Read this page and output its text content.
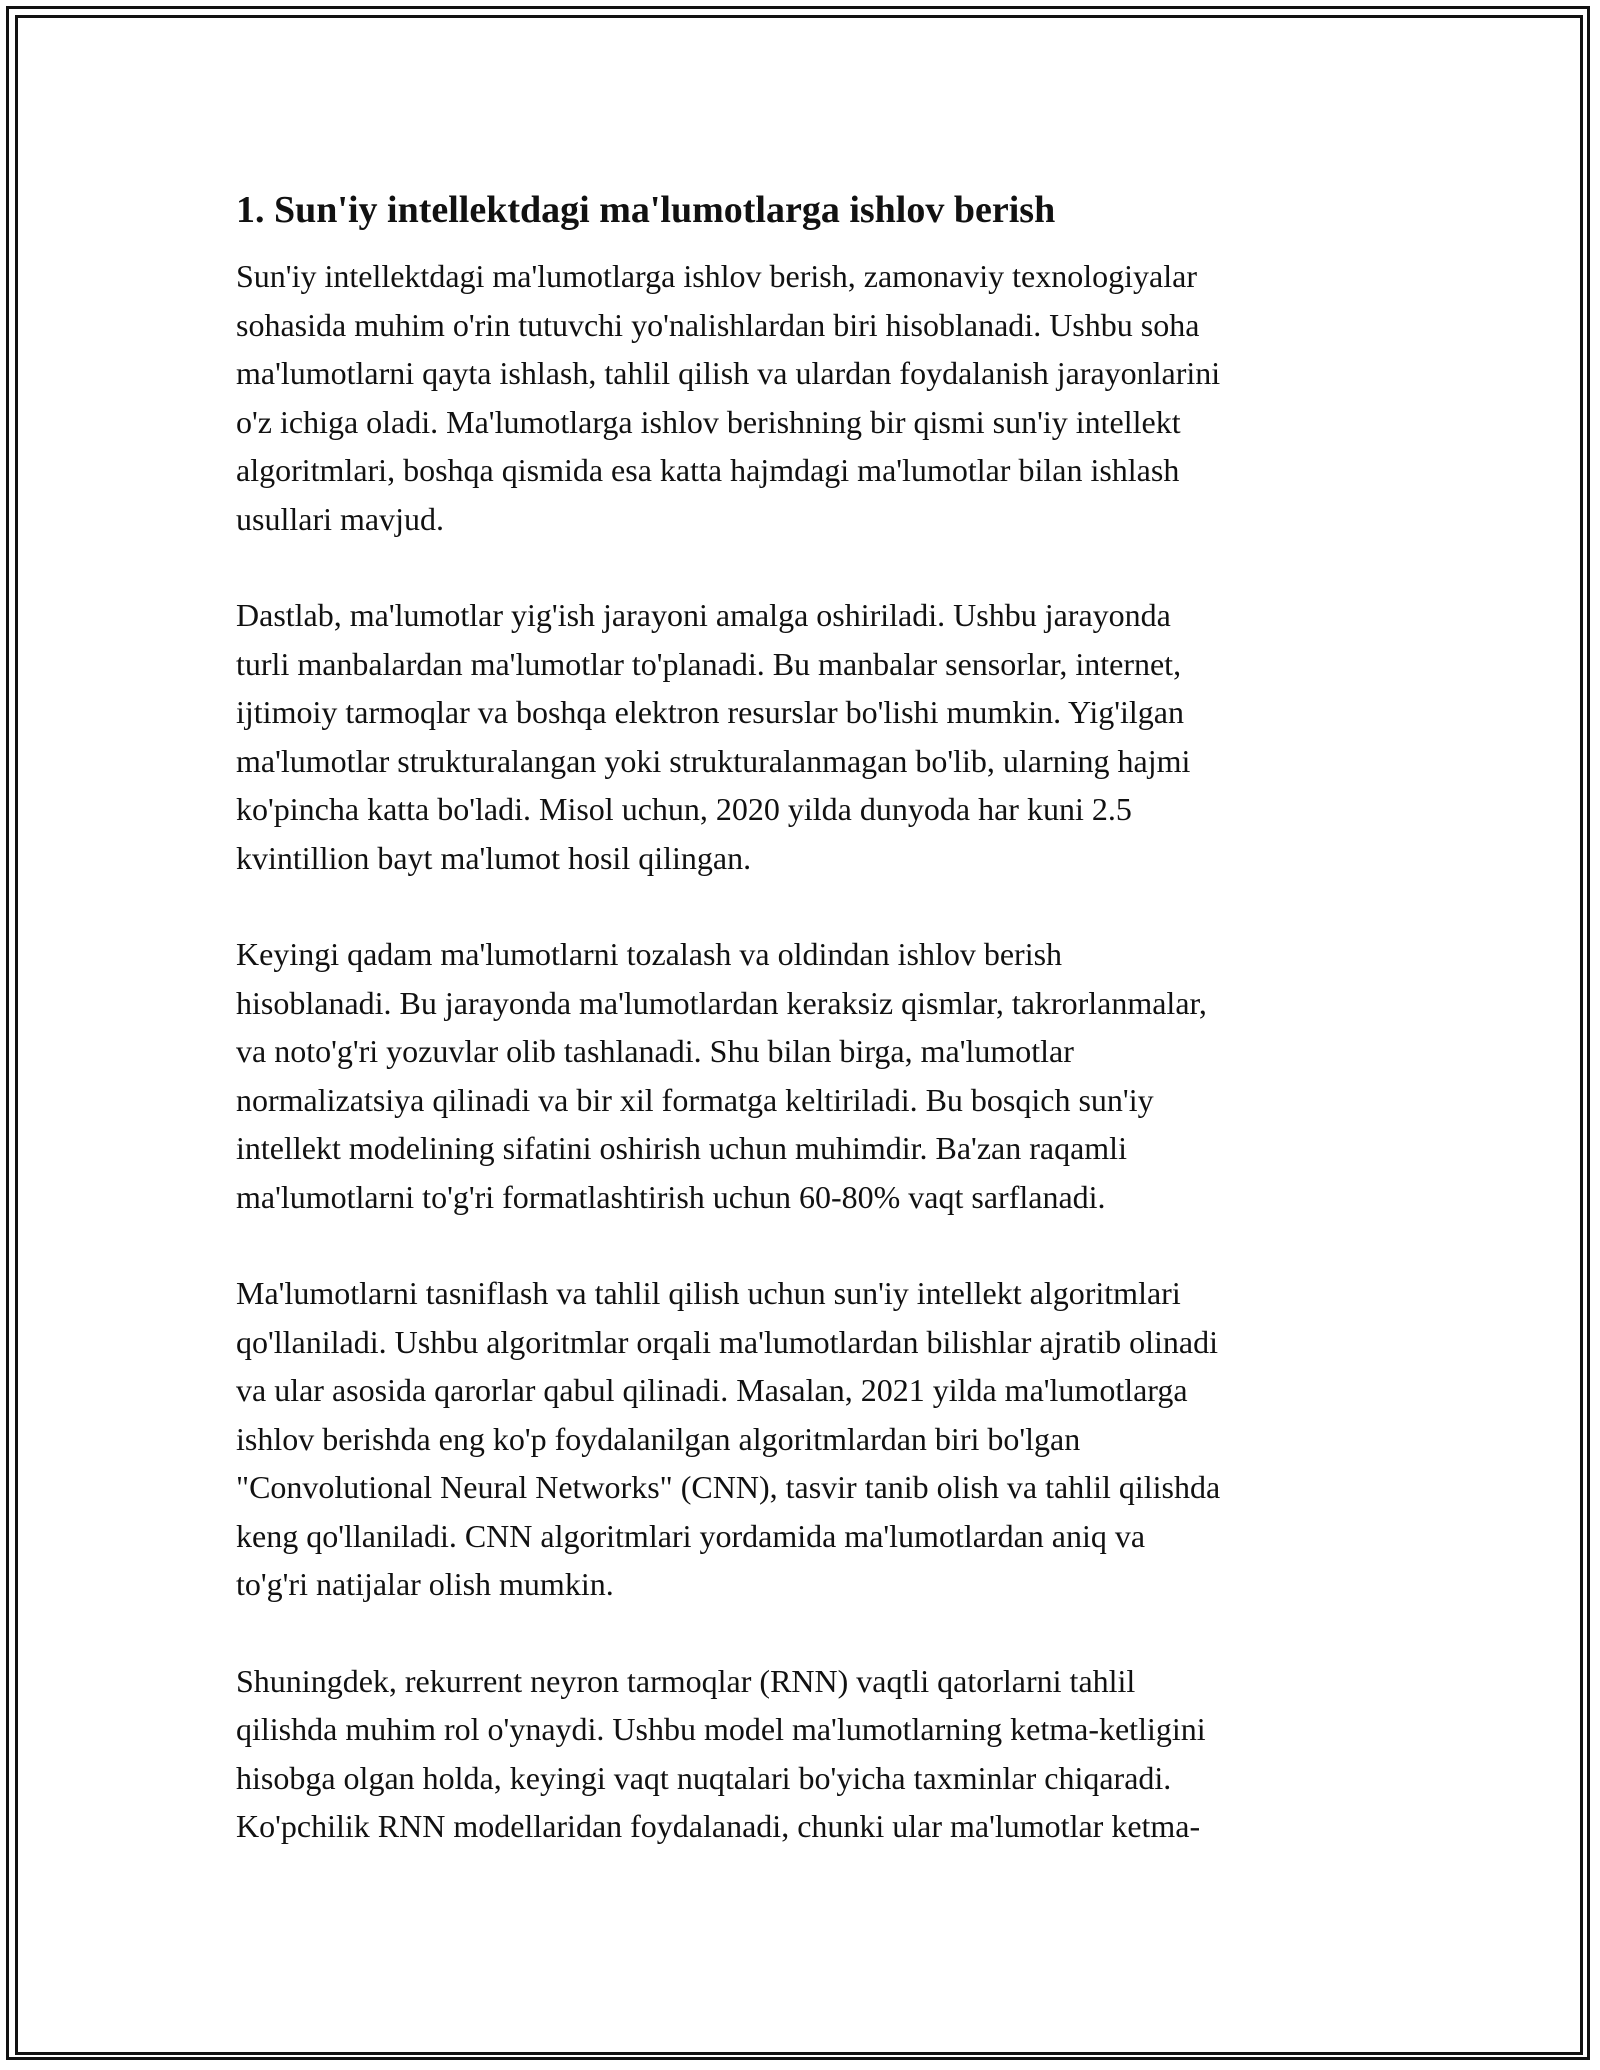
1. Sun'iy intellektdagi ma'lumotlarga ishlov berish
Sun'iy intellektdagi ma'lumotlarga ishlov berish, zamonaviy texnologiyalar
sohasida muhim o'rin tutuvchi yo'nalishlardan biri hisoblanadi. Ushbu soha
ma'lumotlarni qayta ishlash, tahlil qilish va ulardan foydalanish jarayonlarini
o'z ichiga oladi. Ma'lumotlarga ishlov berishning bir qismi sun'iy intellekt
algoritmlari, boshqa qismida esa katta hajmdagi ma'lumotlar bilan ishlash
usullari mavjud.
Dastlab, ma'lumotlar yig'ish jarayoni amalga oshiriladi. Ushbu jarayonda
turli manbalardan ma'lumotlar to'planadi. Bu manbalar sensorlar, internet,
ijtimoiy tarmoqlar va boshqa elektron resurslar bo'lishi mumkin. Yig'ilgan
ma'lumotlar strukturalangan yoki strukturalanmagan bo'lib, ularning hajmi
ko'pincha katta bo'ladi. Misol uchun, 2020 yilda dunyoda har kuni 2.5
kvintillion bayt ma'lumot hosil qilingan.
Keyingi qadam ma'lumotlarni tozalash va oldindan ishlov berish
hisoblanadi. Bu jarayonda ma'lumotlardan keraksiz qismlar, takrorlanmalar,
va noto'g'ri yozuvlar olib tashlanadi. Shu bilan birga, ma'lumotlar
normalizatsiya qilinadi va bir xil formatga keltiriladi. Bu bosqich sun'iy
intellekt modelining sifatini oshirish uchun muhimdir. Ba'zan raqamli
ma'lumotlarni to'g'ri formatlashtirish uchun 60-80% vaqt sarflanadi.
Ma'lumotlarni tasniflash va tahlil qilish uchun sun'iy intellekt algoritmlari
qo'llaniladi. Ushbu algoritmlar orqali ma'lumotlardan bilishlar ajratib olinadi
va ular asosida qarorlar qabul qilinadi. Masalan, 2021 yilda ma'lumotlarga
ishlov berishda eng ko'p foydalanilgan algoritmlardan biri bo'lgan
"Convolutional Neural Networks" (CNN), tasvir tanib olish va tahlil qilishda
keng qo'llaniladi. CNN algoritmlari yordamida ma'lumotlardan aniq va
to'g'ri natijalar olish mumkin.
Shuningdek, rekurrent neyron tarmoqlar (RNN) vaqtli qatorlarni tahlil
qilishda muhim rol o'ynaydi. Ushbu model ma'lumotlarning ketma-ketligini
hisobga olgan holda, keyingi vaqt nuqtalari bo'yicha taxminlar chiqaradi.
Ko'pchilik RNN modellaridan foydalanadi, chunki ular ma'lumotlar ketma-
